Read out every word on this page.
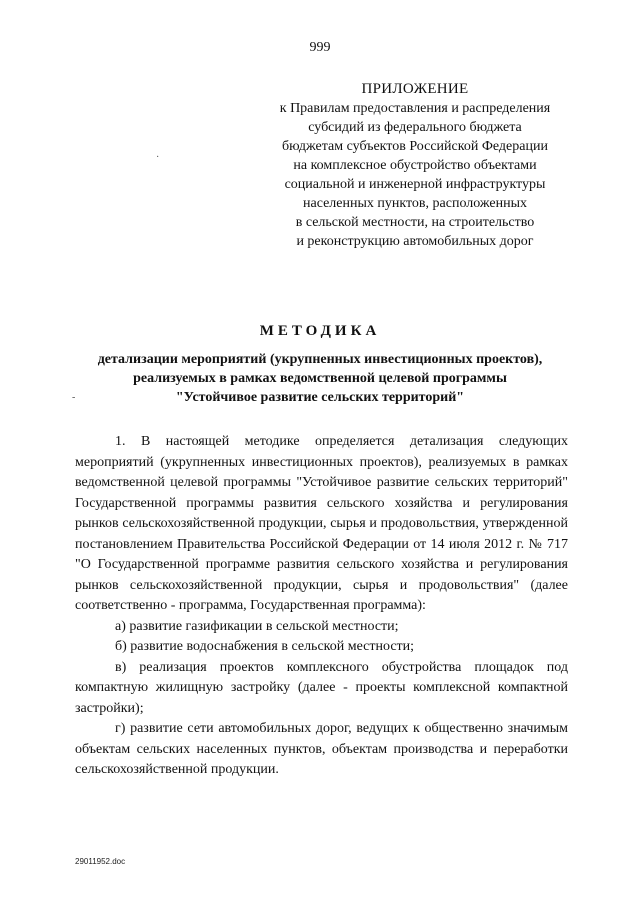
999
ПРИЛОЖЕНИЕ
к Правилам предоставления и распределения
субсидий из федерального бюджета
бюджетам субъектов Российской Федерации
на комплексное обустройство объектами
социальной и инженерной инфраструктуры
населенных пунктов, расположенных
в сельской местности, на строительство
и реконструкцию автомобильных дорог
·
-
МЕТОДИКА
детализации мероприятий (укрупненных инвестиционных проектов),
реализуемых в рамках ведомственной целевой программы
"Устойчивое развитие сельских территорий"

1. В настоящей методике определяется детализация следующих мероприятий (укрупненных инвестиционных проектов), реализуемых в рамках ведомственной целевой программы "Устойчивое развитие сельских территорий" Государственной программы развития сельского хозяйства и регулирования рынков сельскохозяйственной продукции, сырья и продовольствия, утвержденной постановлением Правительства Российской Федерации от 14 июля 2012 г. № 717 "О Государственной программе развития сельского хозяйства и регулирования рынков сельскохозяйственной продукции, сырья и продовольствия" (далее соответственно - программа, Государственная программа):

а) развитие газификации в сельской местности;

б) развитие водоснабжения в сельской местности;

в) реализация проектов комплексного обустройства площадок под компактную жилищную застройку (далее - проекты комплексной компактной застройки);

г) развитие сети автомобильных дорог, ведущих к общественно значимым объектам сельских населенных пунктов, объектам производства и переработки сельскохозяйственной продукции.

29011952.doc
